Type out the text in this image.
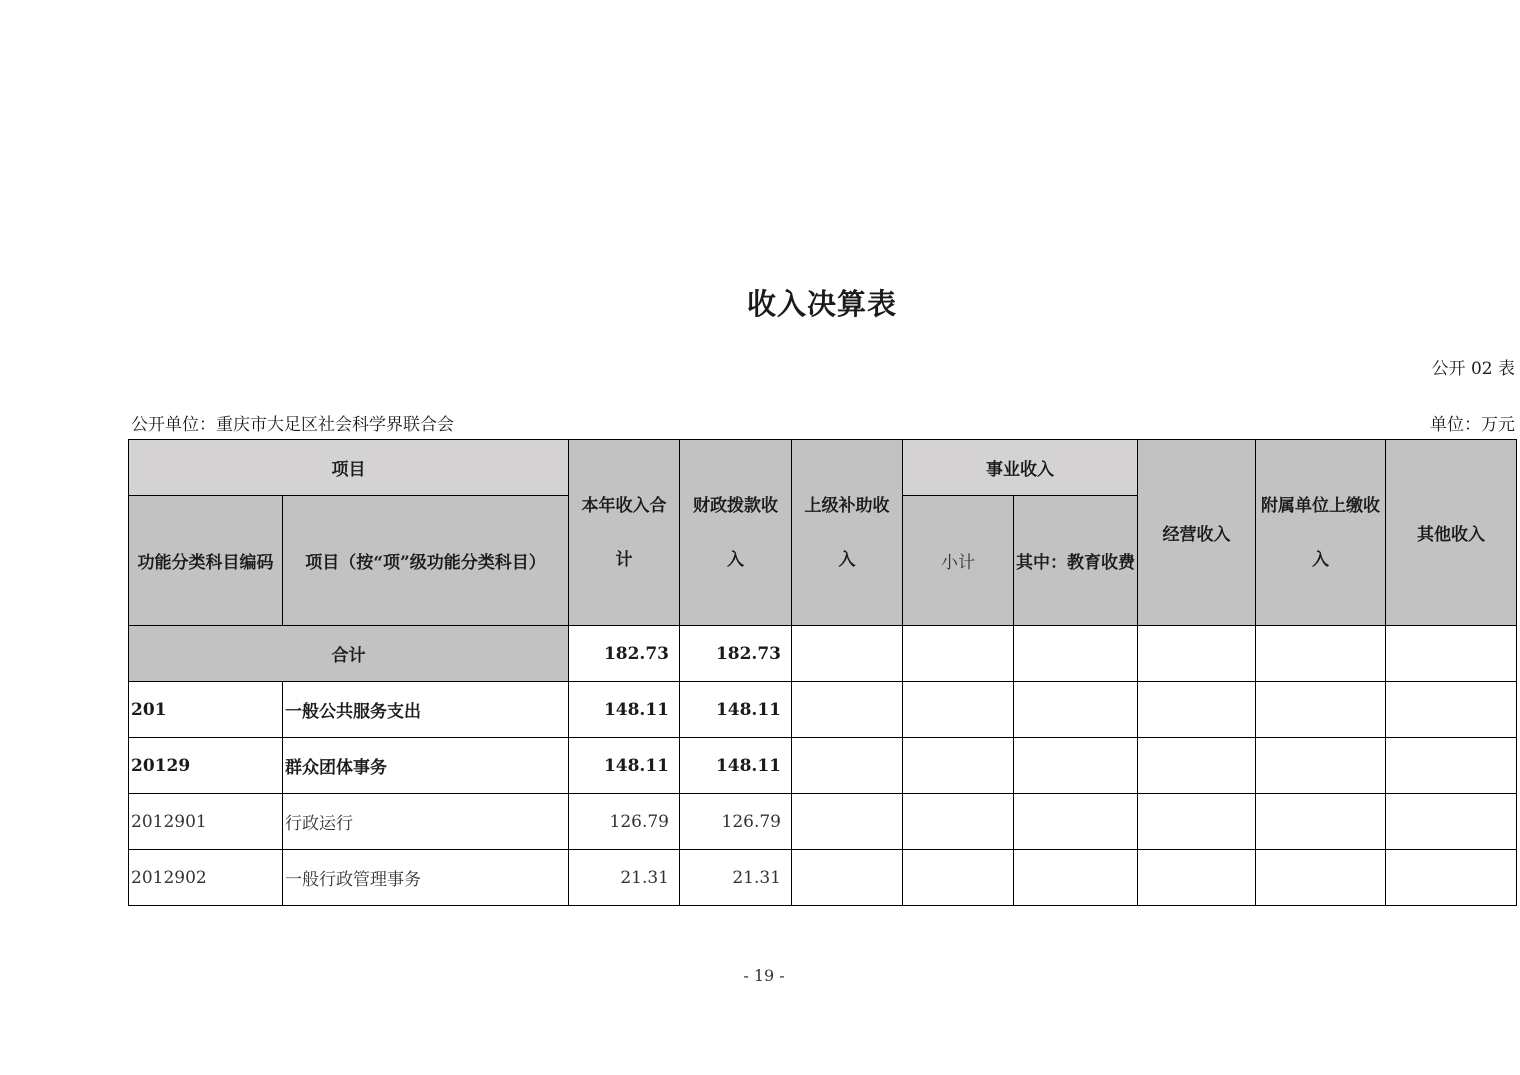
收入决算表
公开 02 表
公开单位：重庆市大足区社会科学界联合会	单位：万元
项目		本年收入合计	财政拨款收入	上级补助收入	事业收入		经营收入	附属单位上缴收入	其他收入
功能分类科目编码	项目（按“项”级功能分类科目）				小计	其中：教育收费			
合计		182.73	182.73						
201	一般公共服务支出	148.11	148.11						
20129	群众团体事务	148.11	148.11						
2012901	行政运行	126.79	126.79						
2012902	一般行政管理事务	21.31	21.31						
- 19 -
